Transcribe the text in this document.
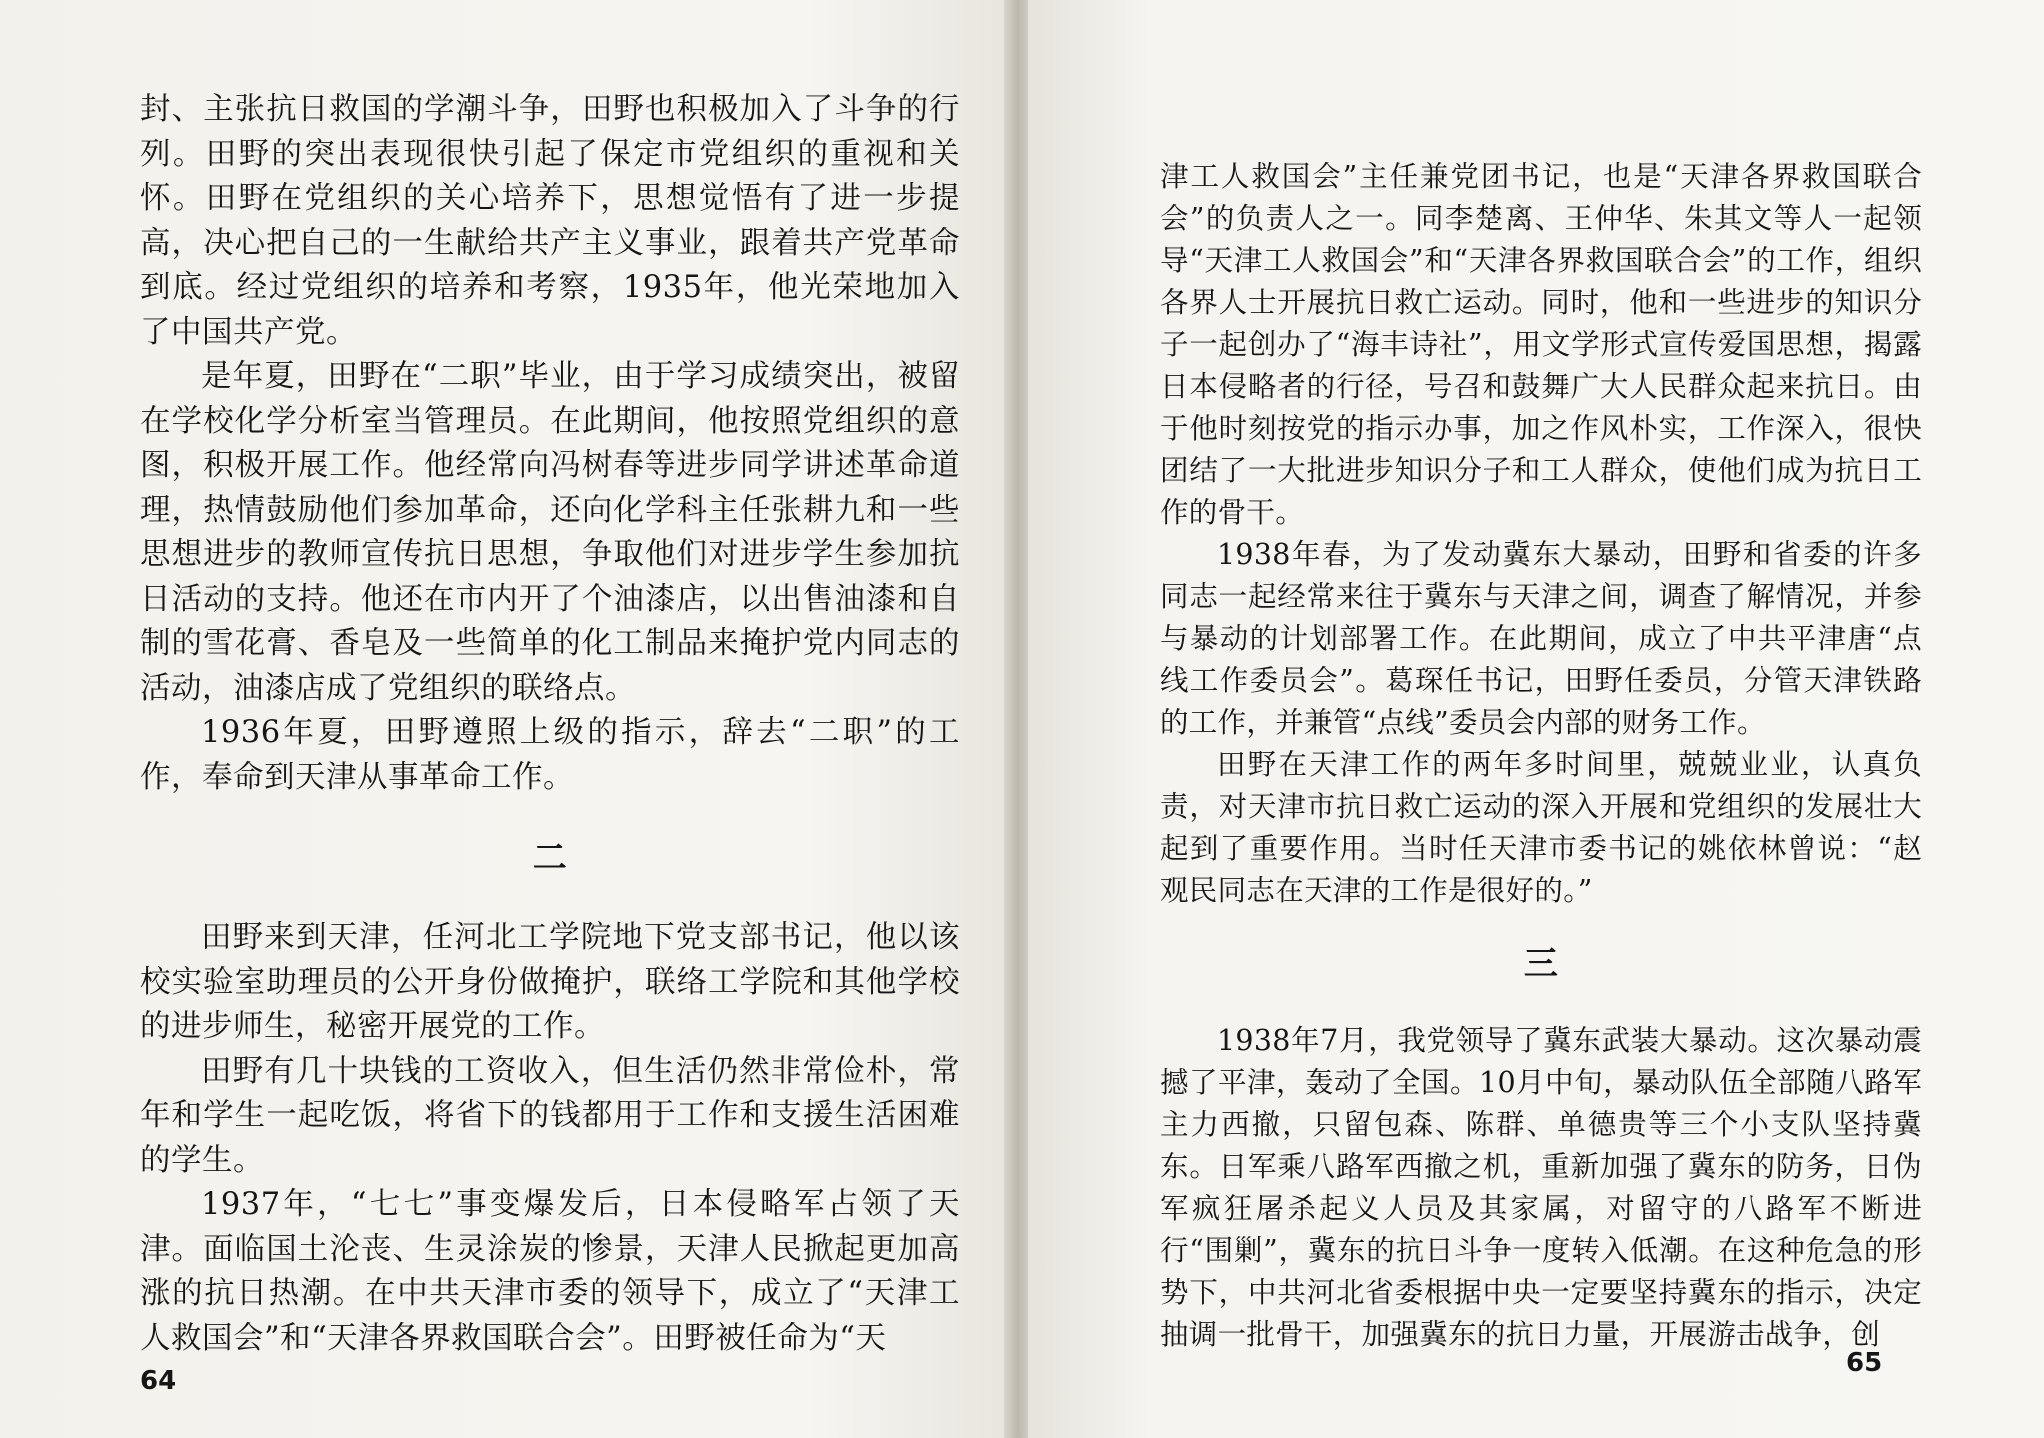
封、主张抗日救国的学潮斗争，田野也积极加入了斗争的行列。田野的突出表现很快引起了保定市党组织的重视和关怀。田野在党组织的关心培养下，思想觉悟有了进一步提高，决心把自己的一生献给共产主义事业，跟着共产党革命到底。经过党组织的培养和考察，1935年，他光荣地加入了中国共产党。

是年夏，田野在“二职”毕业，由于学习成绩突出，被留在学校化学分析室当管理员。在此期间，他按照党组织的意图，积极开展工作。他经常向冯树春等进步同学讲述革命道理，热情鼓励他们参加革命，还向化学科主任张耕九和一些思想进步的教师宣传抗日思想，争取他们对进步学生参加抗日活动的支持。他还在市内开了个油漆店，以出售油漆和自制的雪花膏、香皂及一些简单的化工制品来掩护党内同志的活动，油漆店成了党组织的联络点。

1936年夏，田野遵照上级的指示，辞去“二职”的工作，奉命到天津从事革命工作。

二

田野来到天津，任河北工学院地下党支部书记，他以该校实验室助理员的公开身份做掩护，联络工学院和其他学校的进步师生，秘密开展党的工作。

田野有几十块钱的工资收入，但生活仍然非常俭朴，常年和学生一起吃饭，将省下的钱都用于工作和支援生活困难的学生。

1937年，“七七”事变爆发后，日本侵略军占领了天津。面临国土沦丧、生灵涂炭的惨景，天津人民掀起更加高涨的抗日热潮。在中共天津市委的领导下，成立了“天津工人救国会”和“天津各界救国联合会”。田野被任命为“天

64

津工人救国会”主任兼党团书记，也是“天津各界救国联合会”的负责人之一。同李楚离、王仲华、朱其文等人一起领导“天津工人救国会”和“天津各界救国联合会”的工作，组织各界人士开展抗日救亡运动。同时，他和一些进步的知识分子一起创办了“海丰诗社”，用文学形式宣传爱国思想，揭露日本侵略者的行径，号召和鼓舞广大人民群众起来抗日。由于他时刻按党的指示办事，加之作风朴实，工作深入，很快团结了一大批进步知识分子和工人群众，使他们成为抗日工作的骨干。

1938年春，为了发动冀东大暴动，田野和省委的许多同志一起经常来往于冀东与天津之间，调查了解情况，并参与暴动的计划部署工作。在此期间，成立了中共平津唐“点线工作委员会”。葛琛任书记，田野任委员，分管天津铁路的工作，并兼管“点线”委员会内部的财务工作。

田野在天津工作的两年多时间里，兢兢业业，认真负责，对天津市抗日救亡运动的深入开展和党组织的发展壮大起到了重要作用。当时任天津市委书记的姚依林曾说：“赵观民同志在天津的工作是很好的。”

三

1938年7月，我党领导了冀东武装大暴动。这次暴动震撼了平津，轰动了全国。10月中旬，暴动队伍全部随八路军主力西撤，只留包森、陈群、单德贵等三个小支队坚持冀东。日军乘八路军西撤之机，重新加强了冀东的防务，日伪军疯狂屠杀起义人员及其家属，对留守的八路军不断进行“围剿”，冀东的抗日斗争一度转入低潮。在这种危急的形势下，中共河北省委根据中央一定要坚持冀东的指示，决定抽调一批骨干，加强冀东的抗日力量，开展游击战争，创

65
